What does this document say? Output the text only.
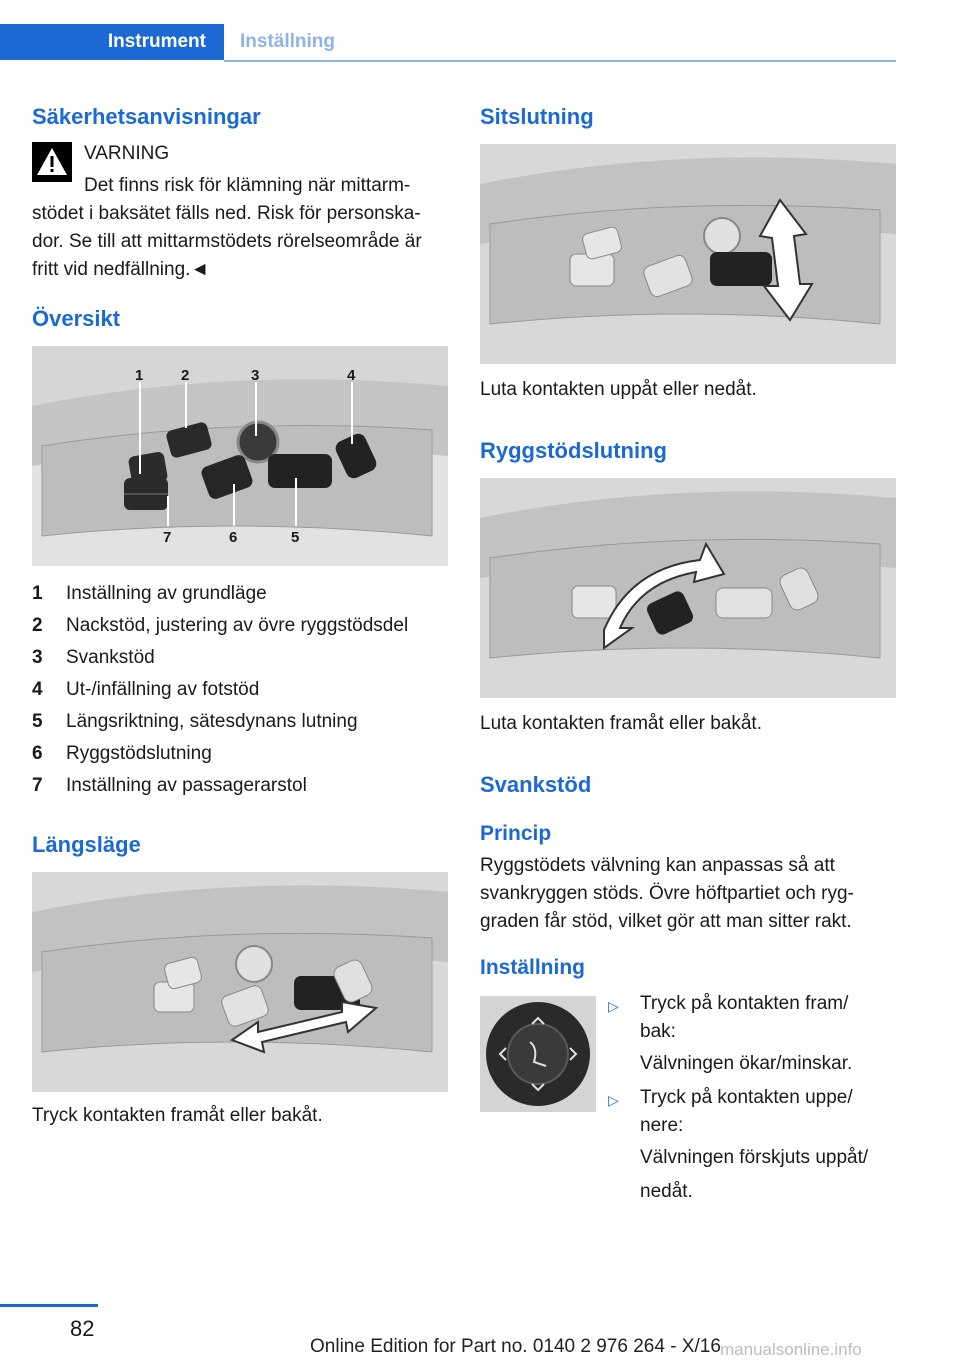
Instrument	Inställning
Säkerhetsanvisningar
VARNING
Det finns risk för klämning när mittarm-
stödet i baksätet fälls ned. Risk för personska-
dor. Se till att mittarmstödets rörelseområde är
fritt vid nedfällning.◄
Översikt
1	2	3	4
7	6	5
1	Inställning av grundläge
2	Nackstöd, justering av övre ryggstödsdel
3	Svankstöd
4	Ut-/infällning av fotstöd
5	Längsriktning, sätesdynans lutning
6	Ryggstödslutning
7	Inställning av passagerarstol
Längsläge
Tryck kontakten framåt eller bakåt.
Sitslutning
Luta kontakten uppåt eller nedåt.
Ryggstödslutning
Luta kontakten framåt eller bakåt.
Svankstöd
Princip
Ryggstödets välvning kan anpassas så att
svankryggen stöds. Övre höftpartiet och ryg-
graden får stöd, vilket gör att man sitter rakt.
Inställning
▷	Tryck på kontakten fram/
bak:
Välvningen ökar/minskar.
▷	Tryck på kontakten uppe/
nere:
Välvningen förskjuts uppåt/
nedåt.
82
Online Edition for Part no. 0140 2 976 264 - X/16 manualsonline.info
